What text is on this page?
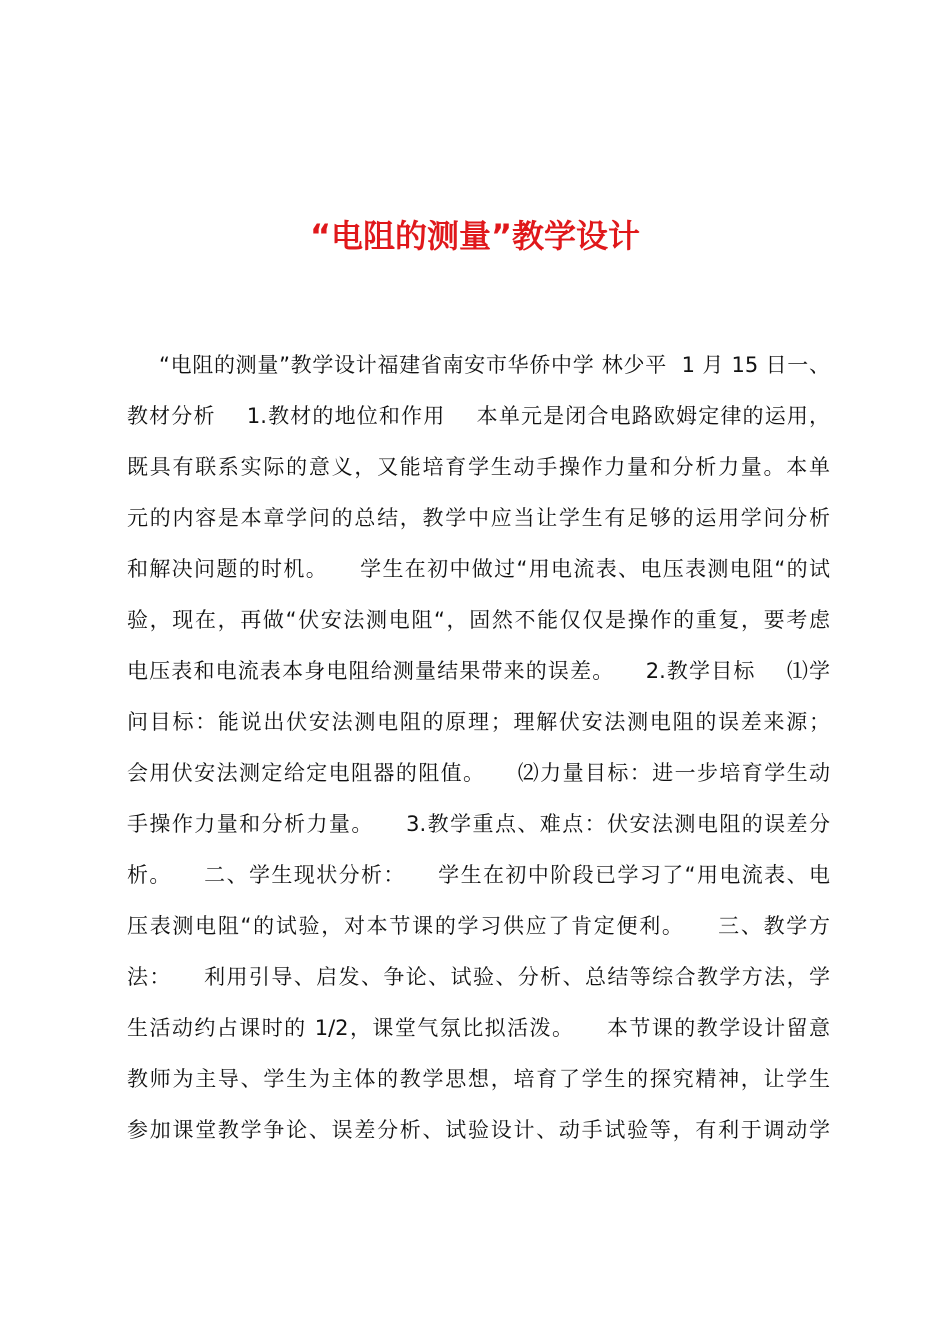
“电阻的测量”教学设计
“电阻的测量”教学设计福建省南安市华侨中学 林少平  1 月 15 日一、
教材分析    1.教材的地位和作用    本单元是闭合电路欧姆定律的运用，
既具有联系实际的意义，又能培育学生动手操作力量和分析力量。本单
元的内容是本章学问的总结，教学中应当让学生有足够的运用学问分析
和解决问题的时机。    学生在初中做过“用电流表、电压表测电阻“的试
验，现在，再做“伏安法测电阻“，固然不能仅仅是操作的重复，要考虑
电压表和电流表本身电阻给测量结果带来的误差。    2.教学目标    ⑴学
问目标：能说出伏安法测电阻的原理；理解伏安法测电阻的误差来源；
会用伏安法测定给定电阻器的阻值。    ⑵力量目标：进一步培育学生动
手操作力量和分析力量。    3.教学重点、难点：伏安法测电阻的误差分
析。    二、学生现状分析：    学生在初中阶段已学习了“用电流表、电
压表测电阻“的试验，对本节课的学习供应了肯定便利。    三、教学方
法：    利用引导、启发、争论、试验、分析、总结等综合教学方法，学
生活动约占课时的 1/2，课堂气氛比拟活泼。    本节课的教学设计留意
教师为主导、学生为主体的教学思想，培育了学生的探究精神，让学生
参加课堂教学争论、误差分析、试验设计、动手试验等，有利于调动学
